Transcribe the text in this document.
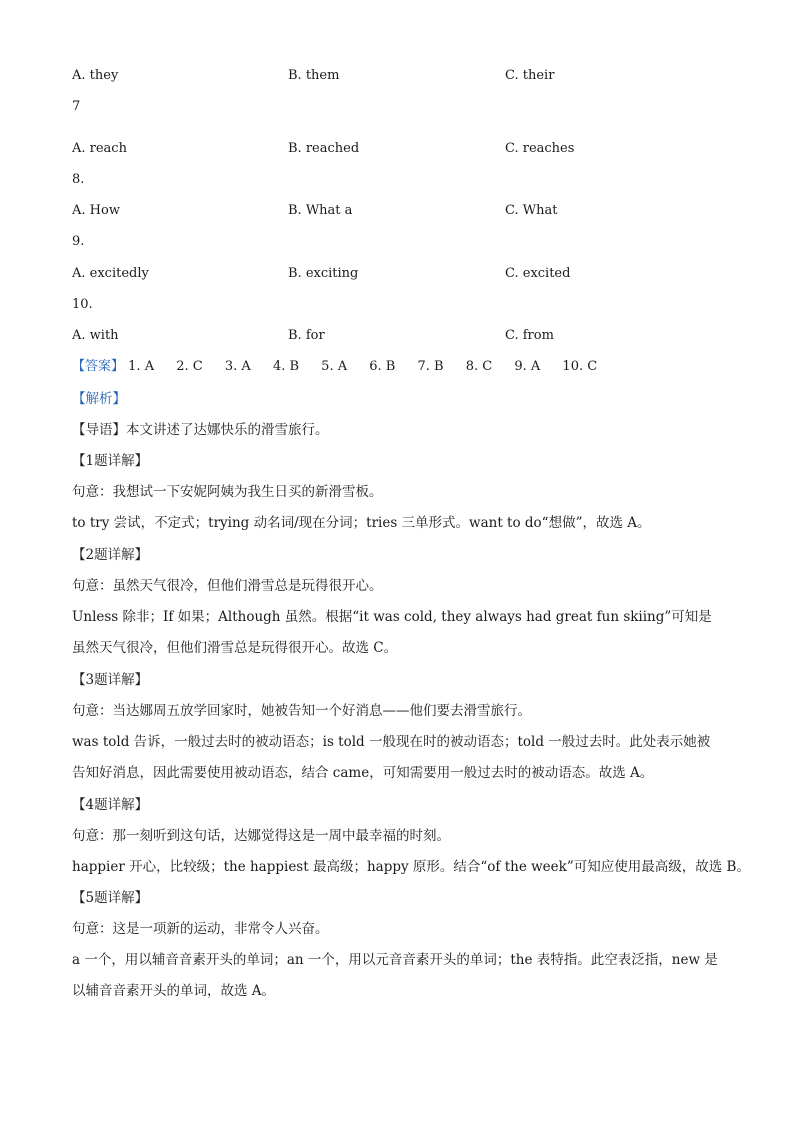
A. they	B. them	C. their
7
A. reach	B. reached	C. reaches
8.
A. How	B. What a	C. What
9.
A. excitedly	B. exciting	C. excited
10.
A. with	B. for	C. from
【答案】 1. A 2. C 3. A 4. B 5. A 6. B 7. B 8. C 9. A 10. C
【解析】
【导语】本文讲述了达娜快乐的滑雪旅行。
【1题详解】
句意：我想试一下安妮阿姨为我生日买的新滑雪板。
to try 尝试，不定式；trying 动名词/现在分词；tries 三单形式。want to do“想做”，故选 A。
【2题详解】
句意：虽然天气很冷，但他们滑雪总是玩得很开心。
Unless 除非；If 如果；Although 虽然。根据“it was cold, they always had great fun skiing”可知是虽然天气很冷，但他们滑雪总是玩得很开心。故选 C。
【3题详解】
句意：当达娜周五放学回家时，她被告知一个好消息——他们要去滑雪旅行。
was told 告诉，一般过去时的被动语态；is told 一般现在时的被动语态；told 一般过去时。此处表示她被告知好消息，因此需要使用被动语态，结合 came，可知需要用一般过去时的被动语态。故选 A。
【4题详解】
句意：那一刻听到这句话，达娜觉得这是一周中最幸福的时刻。
happier 开心，比较级；the happiest 最高级；happy 原形。结合“of the week”可知应使用最高级，故选 B。
【5题详解】
句意：这是一项新的运动，非常令人兴奋。
a 一个，用以辅音音素开头的单词；an 一个，用以元音音素开头的单词；the 表特指。此空表泛指，new 是以辅音音素开头的单词，故选 A。
